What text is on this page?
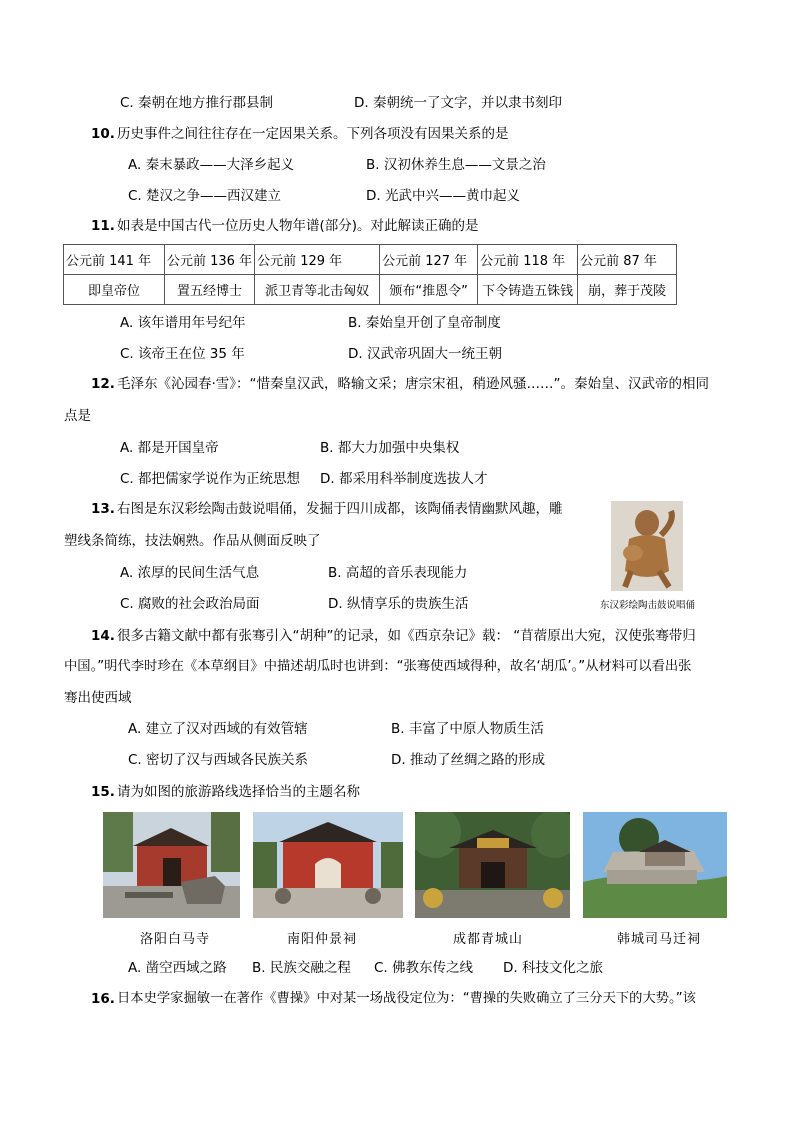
C. 秦朝在地方推行郡县制	D. 秦朝统一了文字，并以隶书刻印
10. 历史事件之间往往存在一定因果关系。下列各项没有因果关系的是
A. 秦末暴政——大泽乡起义	B. 汉初休养生息——文景之治
C. 楚汉之争——西汉建立	D. 光武中兴——黄巾起义
11. 如表是中国古代一位历史人物年谱(部分)。对此解读正确的是
公元前 141 年	公元前 136 年	公元前 129 年	公元前 127 年	公元前 118 年	公元前 87 年
即皇帝位	置五经博士	派卫青等北击匈奴	颁布“推恩令”	下令铸造五铢钱	崩，葬于茂陵
A. 该年谱用年号纪年	B. 秦始皇开创了皇帝制度
C. 该帝王在位 35 年	D. 汉武帝巩固大一统王朝
12. 毛泽东《沁园春·雪》：“惜秦皇汉武，略输文采；唐宗宋祖，稍逊风骚……”。秦始皇、汉武帝的相同
点是
A. 都是开国皇帝	B. 都大力加强中央集权
C. 都把儒家学说作为正统思想 D. 都采用科举制度选拔人才
13. 右图是东汉彩绘陶击鼓说唱俑，发掘于四川成都，该陶俑表情幽默风趣，雕
塑线条简练，技法娴熟。作品从侧面反映了
A. 浓厚的民间生活气息	B. 高超的音乐表现能力
C. 腐败的社会政治局面	D. 纵情享乐的贵族生活	东汉彩绘陶击鼓说唱俑
14. 很多古籍文献中都有张骞引入“胡种”的记录，如《西京杂记》载： “苜蓿原出大宛，汉使张骞带归
中国。”明代李时珍在《本草纲目》中描述胡瓜时也讲到：“张骞使西域得种，故名‘胡瓜’。”从材料可以看出张
骞出使西域
A. 建立了汉对西域的有效管辖	B. 丰富了中原人物质生活
C. 密切了汉与西域各民族关系	D. 推动了丝绸之路的形成
15. 请为如图的旅游路线选择恰当的主题名称
洛阳白马寺	南阳仲景祠	成都青城山	韩城司马迁祠
A. 凿空西域之路 B. 民族交融之程 C. 佛教东传之线 D. 科技文化之旅
16. 日本史学家掘敏一在著作《曹操》中对某一场战役定位为：“曹操的失败确立了三分天下的大势。”该
